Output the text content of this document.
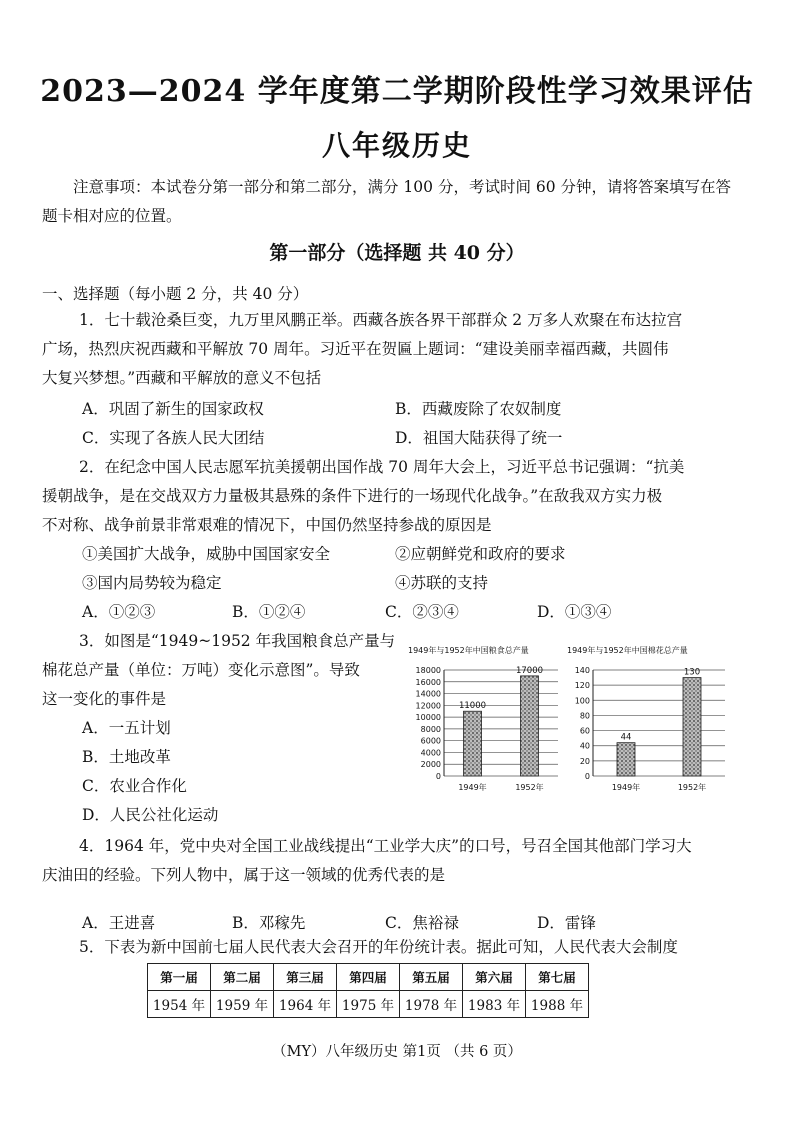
2023—2024 学年度第二学期阶段性学习效果评估
八年级历史
注意事项：本试卷分第一部分和第二部分，满分 100 分，考试时间 60 分钟，请将答案填写在答题卡相对应的位置。
第一部分（选择题 共 40 分）
一、选择题（每小题 2 分，共 40 分）
1．七十载沧桑巨变，九万里风鹏正举。西藏各族各界干部群众 2 万多人欢聚在布达拉宫
广场，热烈庆祝西藏和平解放 70 周年。习近平在贺匾上题词：“建设美丽幸福西藏，共圆伟
大复兴梦想。”西藏和平解放的意义不包括
A．巩固了新生的国家政权	B．西藏废除了农奴制度
C．实现了各族人民大团结	D．祖国大陆获得了统一
2．在纪念中国人民志愿军抗美援朝出国作战 70 周年大会上，习近平总书记强调：“抗美
援朝战争，是在交战双方力量极其悬殊的条件下进行的一场现代化战争。”在敌我双方实力极
不对称、战争前景非常艰难的情况下，中国仍然坚持参战的原因是
①美国扩大战争，威胁中国国家安全	②应朝鲜党和政府的要求
③国内局势较为稳定	④苏联的支持
A．①②③	B．①②④	C．②③④	D．①③④
3．如图是“1949~1952 年我国粮食总产量与
棉花总产量（单位：万吨）变化示意图”。导致
这一变化的事件是
A．一五计划
B．土地改革
C．农业合作化
D．人民公社化运动
1949年与1952年中国粮食总产量
0
2000
4000
6000
8000
10000
12000
14000
16000
18000
11000
1949年
17000
1952年
1949年与1952年中国棉花总产量
0
20
40
60
80
100
120
140
44
1949年
130
1952年
4．1964 年，党中央对全国工业战线提出“工业学大庆”的口号，号召全国其他部门学习大
庆油田的经验。下列人物中，属于这一领域的优秀代表的是
A．王进喜	B．邓稼先	C．焦裕禄	D．雷锋
5．下表为新中国前七届人民代表大会召开的年份统计表。据此可知，人民代表大会制度
第一届	第二届	第三届	第四届	第五届	第六届	第七届
1954 年	1959 年	1964 年	1975 年	1978 年	1983 年	1988 年
（MY）八年级历史 第1页 （共 6 页）
